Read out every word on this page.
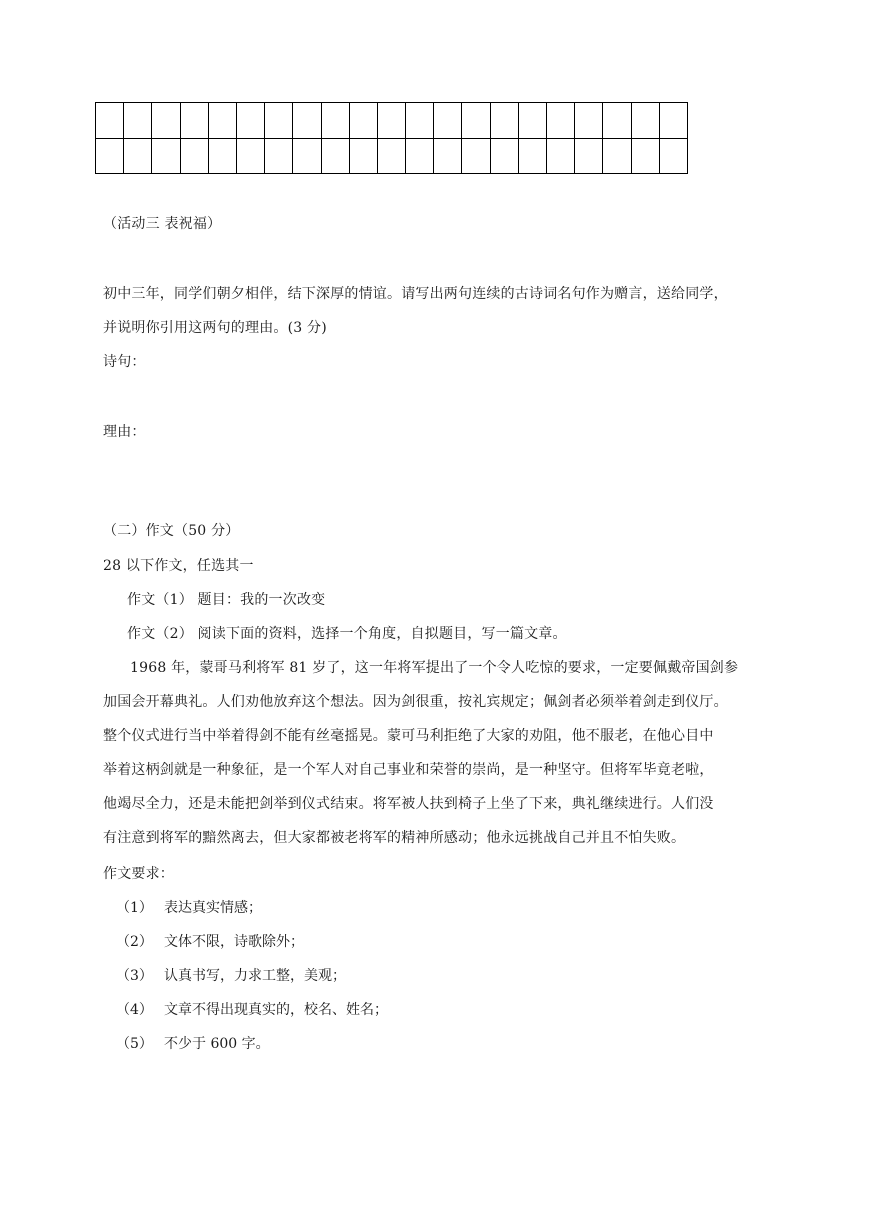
（活动三 表祝福）
初中三年，同学们朝夕相伴，结下深厚的情谊。请写出两句连续的古诗词名句作为赠言，送给同学，
并说明你引用这两句的理由。(3 分)
诗句：
理由：
（二）作文（50 分）
28 以下作文，任选其一
作文（1） 题目：我的一次改变
作文（2） 阅读下面的资料，选择一个角度，自拟题目，写一篇文章。
1968 年，蒙哥马利将军 81 岁了，这一年将军提出了一个令人吃惊的要求，一定要佩戴帝国剑参
加国会开幕典礼。人们劝他放弃这个想法。因为剑很重，按礼宾规定；佩剑者必须举着剑走到仪厅。
整个仪式进行当中举着得剑不能有丝毫摇晃。蒙可马利拒绝了大家的劝阻，他不服老，在他心目中
举着这柄剑就是一种象征，是一个军人对自己事业和荣誉的崇尚，是一种坚守。但将军毕竟老啦，
他竭尽全力，还是未能把剑举到仪式结束。将军被人扶到椅子上坐了下来，典礼继续进行。人们没
有注意到将军的黯然离去，但大家都被老将军的精神所感动；他永远挑战自己并且不怕失败。
作文要求：
（1） 表达真实情感；
（2） 文体不限，诗歌除外；
（3） 认真书写，力求工整，美观；
（4） 文章不得出现真实的，校名、姓名；
（5） 不少于 600 字。
